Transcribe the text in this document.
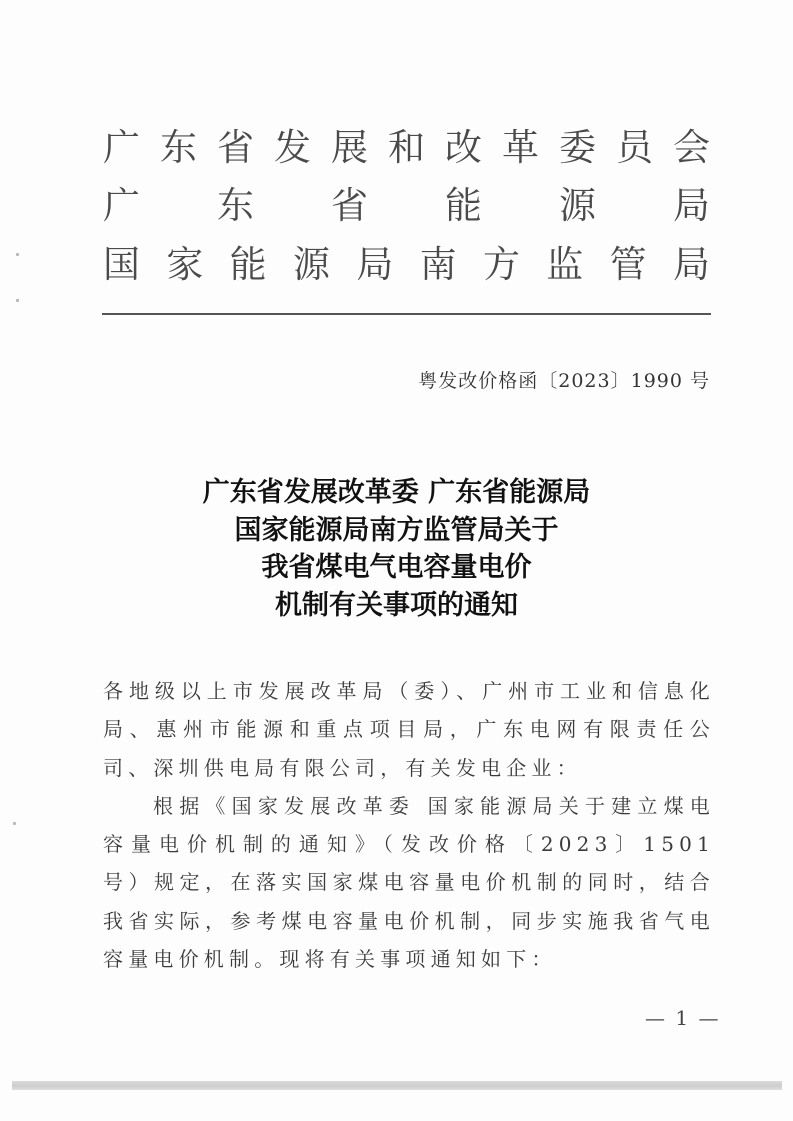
广 东 省 发 展 和 改 革 委 员 会
广 东 省 能 源 局
国 家 能 源 局 南 方 监 管 局
粤发改价格函〔2023〕1990 号
广东省发展改革委 广东省能源局
国家能源局南方监管局关于
我省煤电气电容量电价
机制有关事项的通知

各地级以上市发展改革局（委）、广州市工业和信息化局、惠州市能源和重点项目局，广东电网有限责任公司、深圳供电局有限公司，有关发电企业：

根据《国家发展改革委 国家能源局关于建立煤电容量电价机制的通知》（发改价格〔2023〕1501 号）规定，在落实国家煤电容量电价机制的同时，结合我省实际，参考煤电容量电价机制，同步实施我省气电容量电价机制。现将有关事项通知如下：

— 1 —
